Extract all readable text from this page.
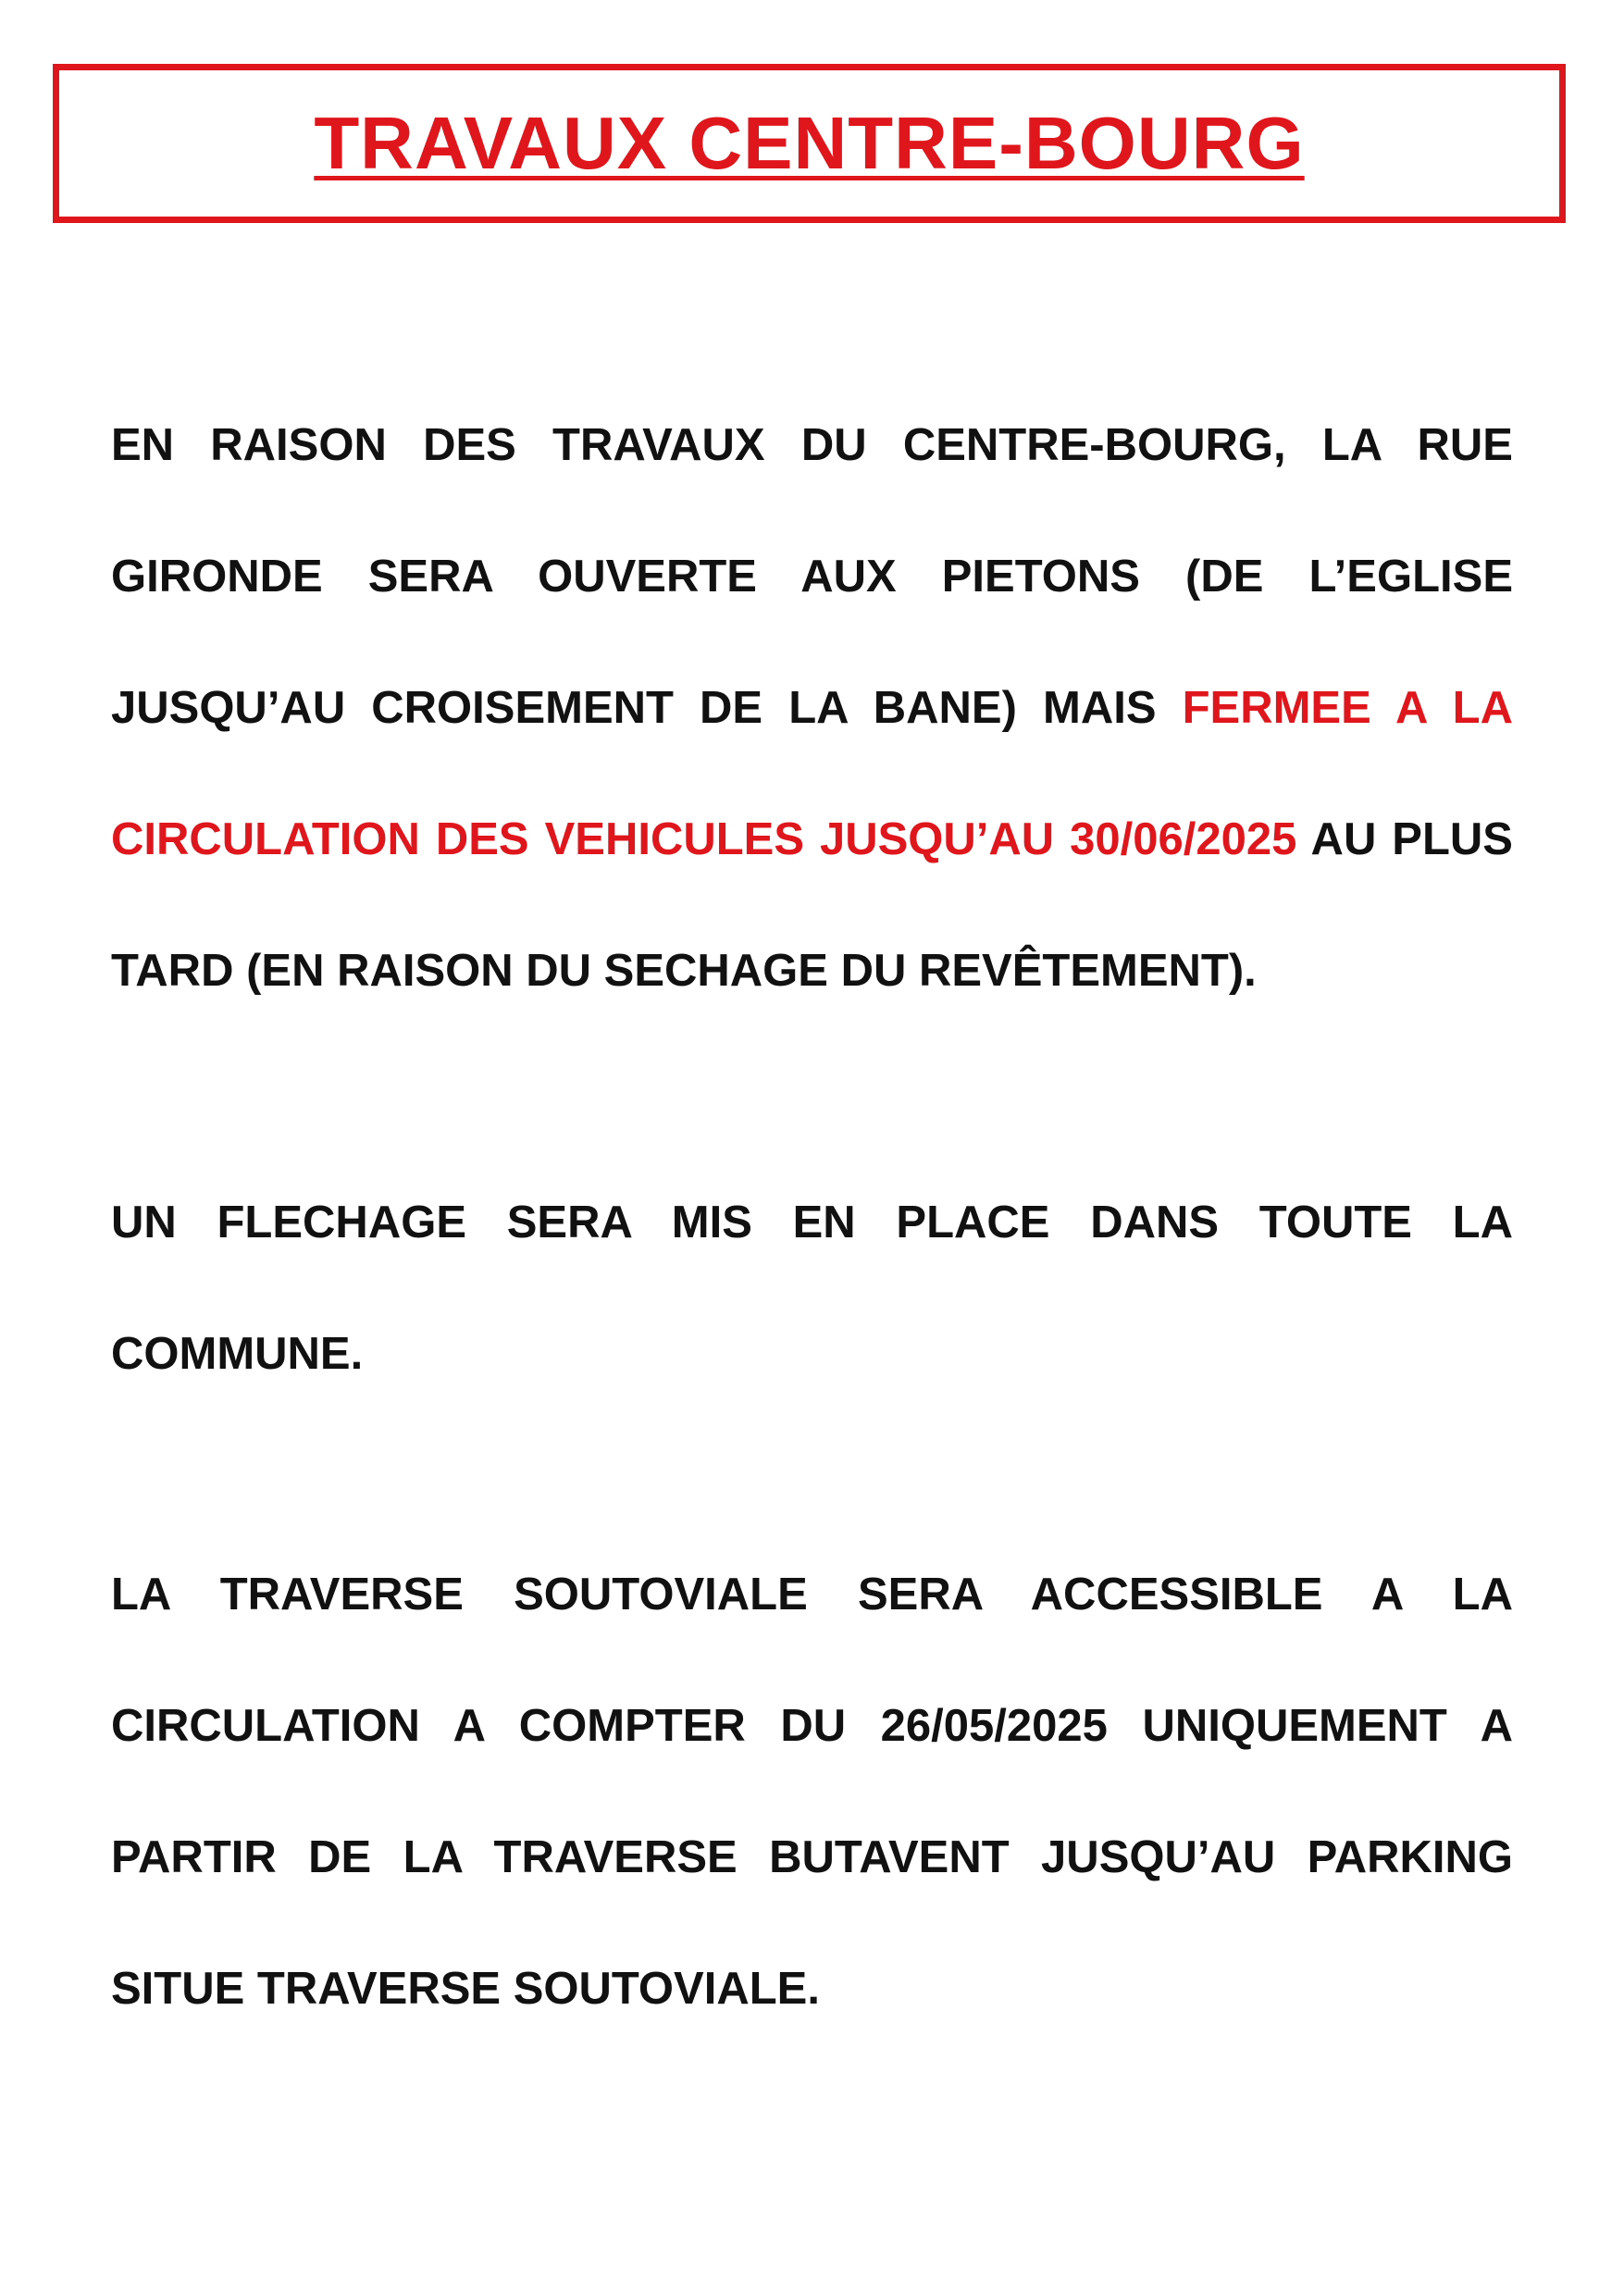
TRAVAUX CENTRE-BOURG

EN RAISON DES TRAVAUX DU CENTRE-BOURG, LA RUE GIRONDE SERA OUVERTE AUX PIETONS (DE L’EGLISE JUSQU’AU CROISEMENT DE LA BANE) MAIS FERMEE A LA CIRCULATION DES VEHICULES JUSQU’AU 30/06/2025 AU PLUS TARD (EN RAISON DU SECHAGE DU REVÊTEMENT).

UN FLECHAGE SERA MIS EN PLACE DANS TOUTE LA COMMUNE.

LA TRAVERSE SOUTOVIALE SERA ACCESSIBLE A LA CIRCULATION A COMPTER DU 26/05/2025 UNIQUEMENT A PARTIR DE LA TRAVERSE BUTAVENT JUSQU’AU PARKING SITUE TRAVERSE SOUTOVIALE.
